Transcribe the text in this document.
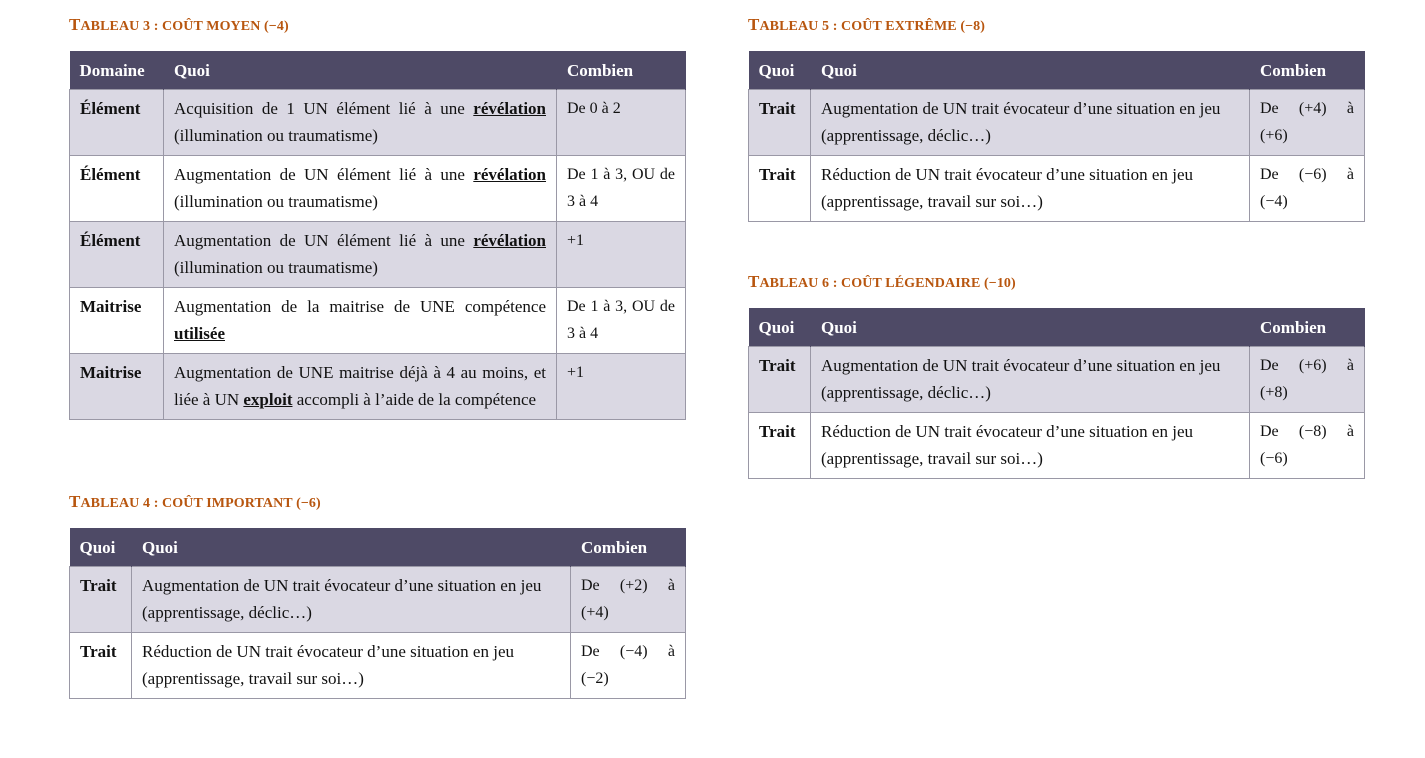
TABLEAU 3 : COÛT MOYEN (−4)
Domaine	Quoi	Combien
Élément	Acquisition de 1 UN élément lié à une révélation (illumination ou traumatisme)	De 0 à 2
Élément	Augmentation de UN élément lié à une révélation (illumination ou traumatisme)	De 1 à 3, OU de 3 à 4
Élément	Augmentation de UN élément lié à une révélation (illumination ou traumatisme)	+1
Maitrise	Augmentation de la maitrise de UNE compétence utilisée	De 1 à 3, OU de 3 à 4
Maitrise	Augmentation de UNE maitrise déjà à 4 au moins, et liée à UN exploit accompli à l’aide de la compétence	+1
TABLEAU 4 : COÛT IMPORTANT (−6)
Quoi	Quoi	Combien
Trait	Augmentation de UN trait évocateur d’une situation en jeu (apprentissage, déclic…)	De (+2) à
(+4)

Trait	Réduction de UN trait évocateur d’une situation en jeu (apprentissage, travail sur soi…)	De (−4) à
(−2)
TABLEAU 5 : COÛT EXTRÊME (−8)
Quoi	Quoi	Combien
Trait	Augmentation de UN trait évocateur d’une situation en jeu (apprentissage, déclic…)	De (+4) à
(+6)

Trait	Réduction de UN trait évocateur d’une situation en jeu (apprentissage, travail sur soi…)	De (−6) à
(−4)
TABLEAU 6 : COÛT LÉGENDAIRE (−10)
Quoi	Quoi	Combien
Trait	Augmentation de UN trait évocateur d’une situation en jeu (apprentissage, déclic…)	De (+6) à
(+8)

Trait	Réduction de UN trait évocateur d’une situation en jeu (apprentissage, travail sur soi…)	De (−8) à
(−6)
